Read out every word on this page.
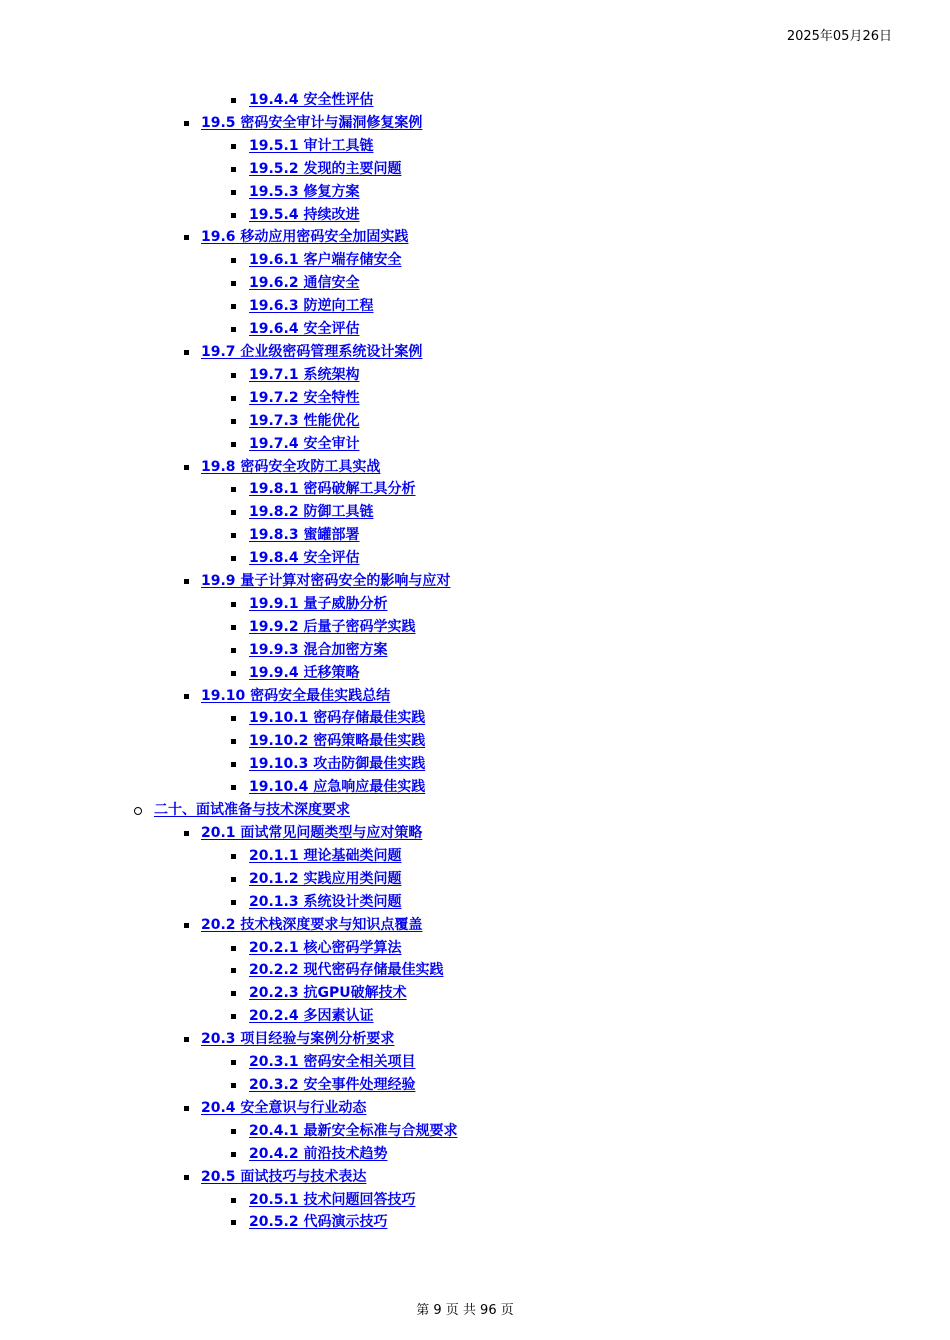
2025年05月26日
19.4.4 安全性评估
19.5 密码安全审计与漏洞修复案例
19.5.1 审计工具链
19.5.2 发现的主要问题
19.5.3 修复方案
19.5.4 持续改进
19.6 移动应用密码安全加固实践
19.6.1 客户端存储安全
19.6.2 通信安全
19.6.3 防逆向工程
19.6.4 安全评估
19.7 企业级密码管理系统设计案例
19.7.1 系统架构
19.7.2 安全特性
19.7.3 性能优化
19.7.4 安全审计
19.8 密码安全攻防工具实战
19.8.1 密码破解工具分析
19.8.2 防御工具链
19.8.3 蜜罐部署
19.8.4 安全评估
19.9 量子计算对密码安全的影响与应对
19.9.1 量子威胁分析
19.9.2 后量子密码学实践
19.9.3 混合加密方案
19.9.4 迁移策略
19.10 密码安全最佳实践总结
19.10.1 密码存储最佳实践
19.10.2 密码策略最佳实践
19.10.3 攻击防御最佳实践
19.10.4 应急响应最佳实践
二十、面试准备与技术深度要求
20.1 面试常见问题类型与应对策略
20.1.1 理论基础类问题
20.1.2 实践应用类问题
20.1.3 系统设计类问题
20.2 技术栈深度要求与知识点覆盖
20.2.1 核心密码学算法
20.2.2 现代密码存储最佳实践
20.2.3 抗GPU破解技术
20.2.4 多因素认证
20.3 项目经验与案例分析要求
20.3.1 密码安全相关项目
20.3.2 安全事件处理经验
20.4 安全意识与行业动态
20.4.1 最新安全标准与合规要求
20.4.2 前沿技术趋势
20.5 面试技巧与技术表达
20.5.1 技术问题回答技巧
20.5.2 代码演示技巧
第 9 页 共 96 页
